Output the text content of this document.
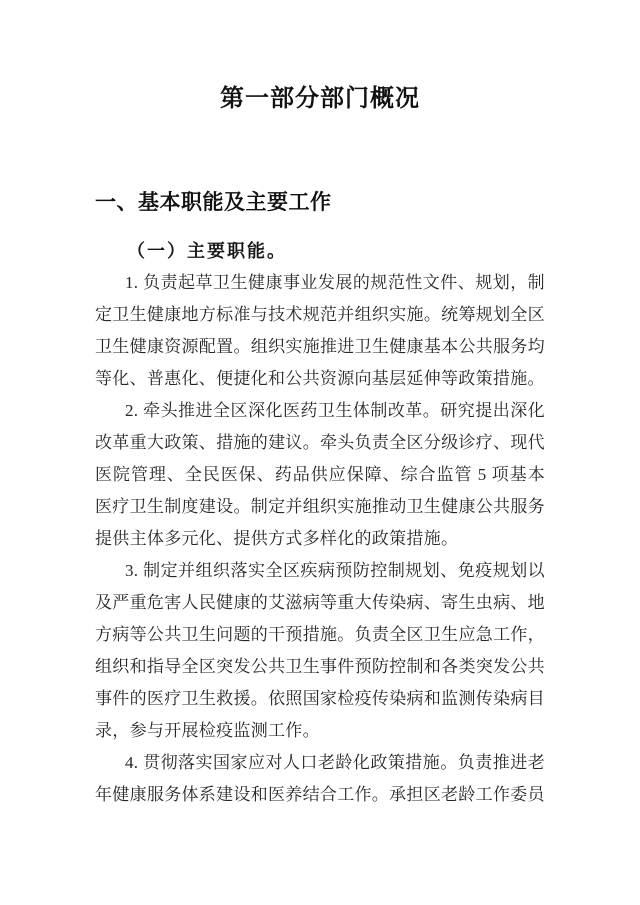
第一部分部门概况
一、基本职能及主要工作
（一）主要职能。

1. 负责起草卫生健康事业发展的规范性文件、规划，制定卫生健康地方标准与技术规范并组织实施。统筹规划全区卫生健康资源配置。组织实施推进卫生健康基本公共服务均等化、普惠化、便捷化和公共资源向基层延伸等政策措施。

2. 牵头推进全区深化医药卫生体制改革。研究提出深化改革重大政策、措施的建议。牵头负责全区分级诊疗、现代医院管理、全民医保、药品供应保障、综合监管 5 项基本医疗卫生制度建设。制定并组织实施推动卫生健康公共服务提供主体多元化、提供方式多样化的政策措施。

3. 制定并组织落实全区疾病预防控制规划、免疫规划以及严重危害人民健康的艾滋病等重大传染病、寄生虫病、地方病等公共卫生问题的干预措施。负责全区卫生应急工作，组织和指导全区突发公共卫生事件预防控制和各类突发公共事件的医疗卫生救援。依照国家检疫传染病和监测传染病目录，参与开展检疫监测工作。

4. 贯彻落实国家应对人口老龄化政策措施。负责推进老年健康服务体系建设和医养结合工作。承担区老龄工作委员
